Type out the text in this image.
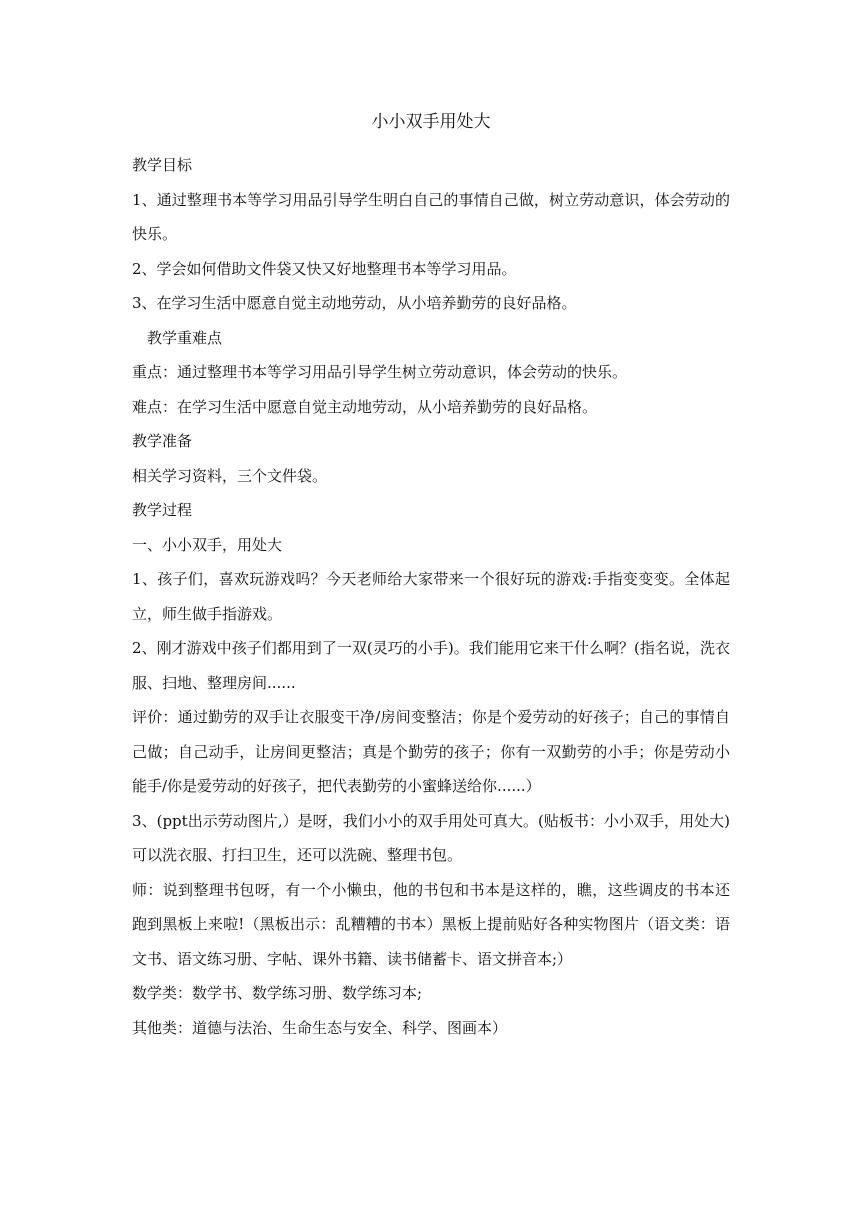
小小双手用处大

教学目标

1、通过整理书本等学习用品引导学生明白自己的事情自己做，树立劳动意识，体会劳动的快乐。

2、学会如何借助文件袋又快又好地整理书本等学习用品。

3、在学习生活中愿意自觉主动地劳动，从小培养勤劳的良好品格。

教学重难点

重点：通过整理书本等学习用品引导学生树立劳动意识，体会劳动的快乐。

难点：在学习生活中愿意自觉主动地劳动，从小培养勤劳的良好品格。

教学准备

相关学习资料，三个文件袋。

教学过程

一、小小双手，用处大

1、孩子们，喜欢玩游戏吗？今天老师给大家带来一个很好玩的游戏:手指变变变。全体起立，师生做手指游戏。

2、刚才游戏中孩子们都用到了一双(灵巧的小手)。我们能用它来干什么啊？(指名说，洗衣服、扫地、整理房间......

评价：通过勤劳的双手让衣服变干净/房间变整洁；你是个爱劳动的好孩子；自己的事情自己做；自己动手，让房间更整洁；真是个勤劳的孩子；你有一双勤劳的小手；你是劳动小能手/你是爱劳动的好孩子，把代表勤劳的小蜜蜂送给你......）

3、(ppt出示劳动图片,）是呀，我们小小的双手用处可真大。(贴板书：小小双手，用处大)可以洗衣服、打扫卫生，还可以洗碗、整理书包。

师：说到整理书包呀，有一个小懒虫，他的书包和书本是这样的，瞧，这些调皮的书本还跑到黑板上来啦!（黑板出示：乱糟糟的书本）黑板上提前贴好各种实物图片（语文类：语文书、语文练习册、字帖、课外书籍、读书储蓄卡、语文拼音本;）

数学类：数学书、数学练习册、数学练习本;

其他类：道德与法治、生命生态与安全、科学、图画本）
